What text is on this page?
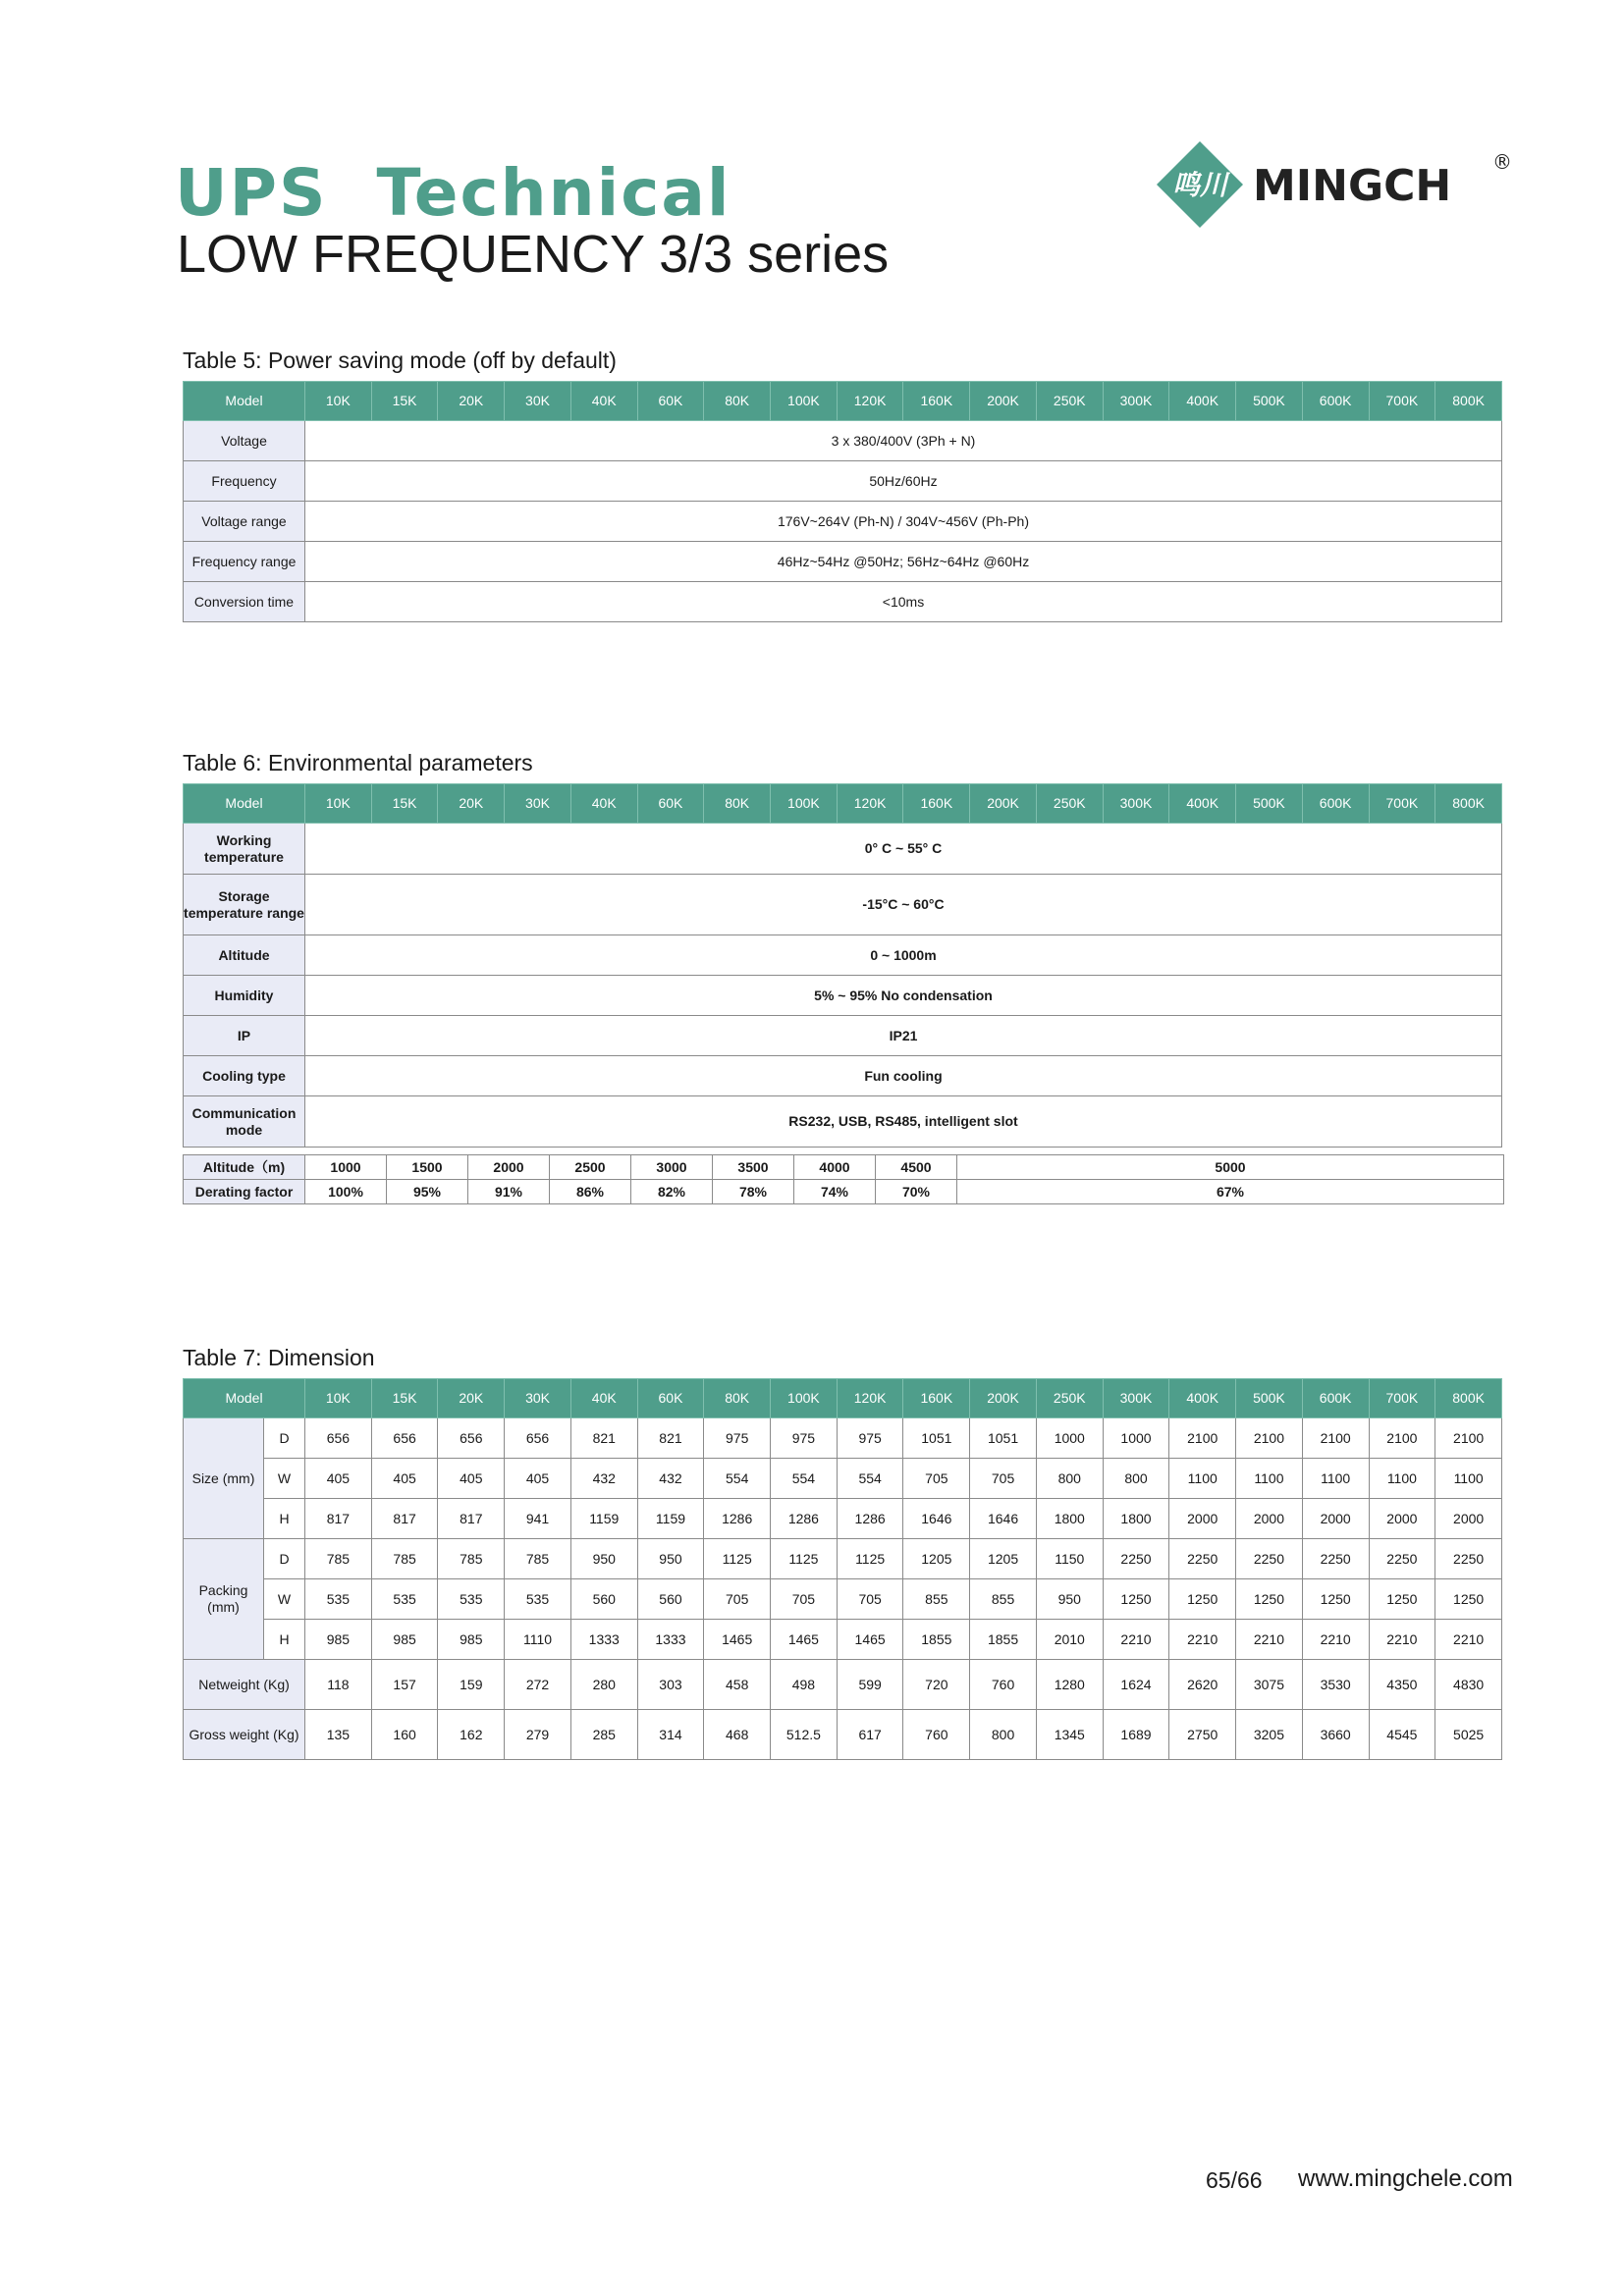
UPS  Technical
LOW FREQUENCY 3/3 series
鸣川 MINGCH ®
Table 5: Power saving mode (off by default)
Model	10K	15K	20K	30K	40K	60K	80K	100K	120K	160K	200K	250K	300K	400K	500K	600K	700K	800K
Voltage	3 x 380/400V (3Ph + N)																	
Frequency	50Hz/60Hz																	
Voltage range	176V~264V (Ph-N) / 304V~456V (Ph-Ph)																	
Frequency range	46Hz~54Hz @50Hz; 56Hz~64Hz @60Hz																	
Conversion time	<10ms																	
Table 6: Environmental parameters
Model	10K	15K	20K	30K	40K	60K	80K	100K	120K	160K	200K	250K	300K	400K	500K	600K	700K	800K
Working temperature	0° C ~ 55° C																	
Storage temperature range	-15°C ~ 60°C																	
Altitude	0 ~ 1000m																	
Humidity	5% ~ 95% No condensation																	
IP	IP21																	
Cooling type	Fun cooling																	
Communication mode	RS232, USB, RS485, intelligent slot																	
Altitude（m)	1000	1500	2000	2500	3000	3500	4000	4500	5000
Derating factor	100%	95%	91%	86%	82%	78%	74%	70%	67%
Table 7: Dimension
Model		10K	15K	20K	30K	40K	60K	80K	100K	120K	160K	200K	250K	300K	400K	500K	600K	700K	800K
Size (mm)	D	656	656	656	656	821	821	975	975	975	1051	1051	1000	1000	2100	2100	2100	2100	2100
	W	405	405	405	405	432	432	554	554	554	705	705	800	800	1100	1100	1100	1100	1100
	H	817	817	817	941	1159	1159	1286	1286	1286	1646	1646	1800	1800	2000	2000	2000	2000	2000
Packing (mm)	D	785	785	785	785	950	950	1125	1125	1125	1205	1205	1150	2250	2250	2250	2250	2250	2250
	W	535	535	535	535	560	560	705	705	705	855	855	950	1250	1250	1250	1250	1250	1250
	H	985	985	985	1110	1333	1333	1465	1465	1465	1855	1855	2010	2210	2210	2210	2210	2210	2210
Netweight (Kg)		118	157	159	272	280	303	458	498	599	720	760	1280	1624	2620	3075	3530	4350	4830
Gross weight (Kg)		135	160	162	279	285	314	468	512.5	617	760	800	1345	1689	2750	3205	3660	4545	5025
65/66 www.mingchele.com
